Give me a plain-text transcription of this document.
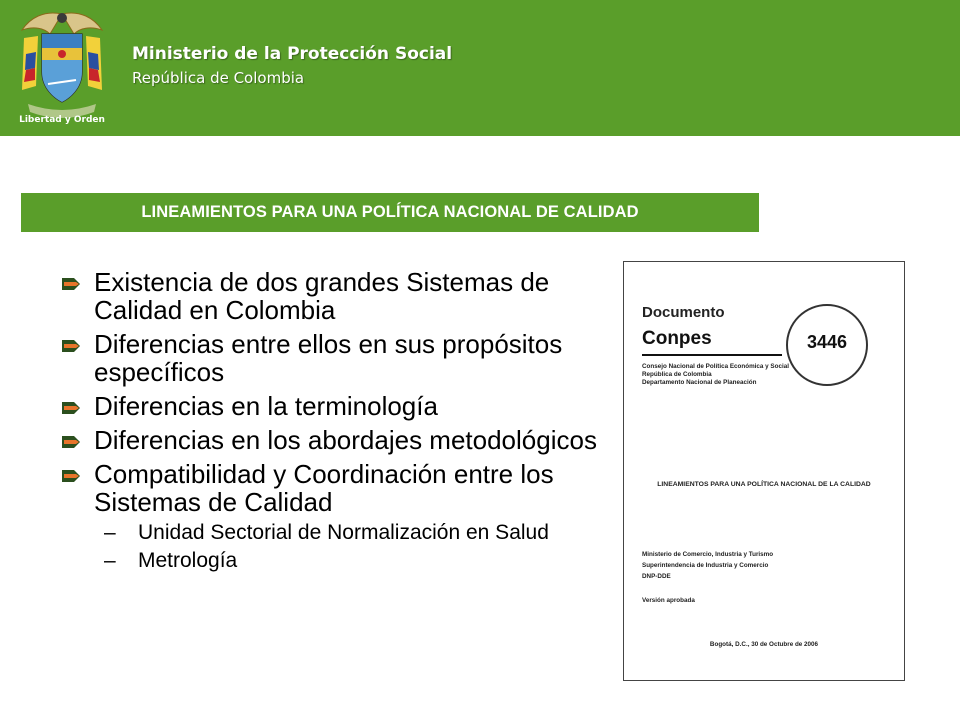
Libertad y Orden
Ministerio de la Protección Social
República de Colombia
LINEAMIENTOS PARA UNA POLÍTICA NACIONAL DE CALIDAD
Existencia de dos grandes Sistemas de Calidad en Colombia
Diferencias entre ellos en sus propósitos específicos
Diferencias en la terminología
Diferencias en los abordajes metodológicos
Compatibilidad y Coordinación entre los Sistemas de Calidad
–	Unidad Sectorial de Normalización en Salud
–	Metrología
Documento
Conpes	3446
Consejo Nacional de Política Económica y Social
República de Colombia
Departamento Nacional de Planeación
LINEAMIENTOS PARA UNA POLÍTICA NACIONAL DE LA CALIDAD
Ministerio de Comercio, Industria y Turismo
Superintendencia de Industria y Comercio
DNP-DDE
Versión aprobada
Bogotá, D.C., 30 de Octubre de 2006
